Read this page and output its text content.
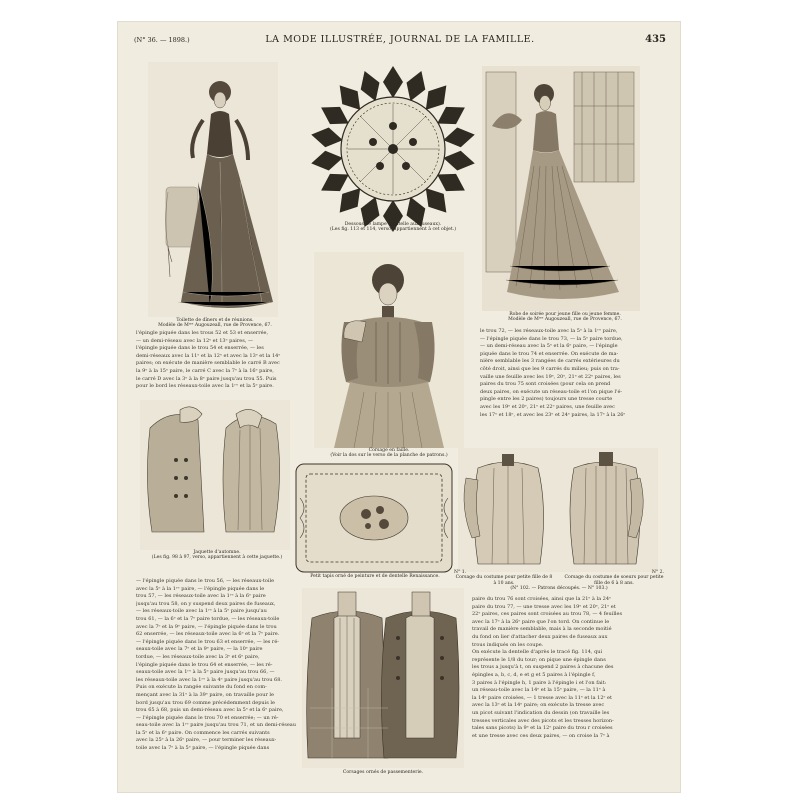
(N° 36. — 1898.)	LA MODE ILLUSTRÉE, JOURNAL DE LA FAMILLE.	435
Toilette de dîners et de réunions.
Modèle de Mᵐᵉ Augouzeall, rue de Provence, 67.
Dessous de lampe (dentelle aux fuseaux).
(Les fig. 113 et 114, verso, appartiennent à cet objet.)
Robe de soirée pour jeune fille ou jeune femme.
Modèle de Mᵐᵉ Augouzeall, rue de Provence, 67.
l'épingle piquée dans les trous 52 et 53 et enserrée,
— un demi-réseau avec la 12ᵉ et 13ᵉ paires, —
l'épingle piquée dans le trou 54 et enserrée, — les
demi-réseaux avec la 11ᵉ et la 12ᵉ et avec la 13ᵉ et la 14ᵉ
paires; on exécute de manière semblable le carré B avec
la 9ᵉ à la 15ᵉ paire, le carré C avec la 7ᵉ à la 16ᵉ paire,
le carré D avec la 3ᵉ à la 8ᵉ paire jusqu'au trou 55. Puis
pour le bord les réseaux-toile avec la 1ʳᵉ et la 5ᵉ paire.
Corsage en faille.
(Voir la dos sur le verso de la planche de patrons.)
le trou 72, — les réseaux-toile avec la 5ᵉ à la 1ʳᵉ paire,
— l'épingle piquée dans le trou 73, — la 5ᵉ paire tordue,
— un demi-réseau avec la 5ᵉ et la 6ᵉ paire, — l'épingle
piquée dans le trou 74 et enserrée. On exécute de ma-
nière semblable les 3 rangées de carrés extérieures du
côté droit, ainsi que les 9 carrés du milieu; puis on tra-
vaille une feuille avec les 19ᵉ, 20ᵉ, 21ᵉ et 22ᵉ paires, les
paires du trou 75 sont croisées (pour cela on prend
deux paires, on exécute un réseau-toile et l'on pique l'é-
pingle entre les 2 paires) toujours une tresse courte
avec les 19ᵉ et 20ᵉ, 21ᵉ et 22ᵉ paires, une feuille avec
les 17ᵉ et 18ᵉ, et avec les 23ᵉ et 24ᵉ paires, la 17ᵉ à la 26ᵉ
Jaquette d'automne.
(Les fig. 98 à 97, verso, appartiennent à cette jaquette.)
Petit tapis orné de peinture et de dentelle Renaissance.
N° 1.	N° 2.
Corsage du costume pour petite fille de 8 à 10 ans.
Corsage du costume de soeurs pour petite fille de 6 à 8 ans.
(N° 102. — Patrons découpés. — N° 103.)
— l'épingle piquée dans le trou 56, — les réseaux-toile
avec la 5ᵉ à la 1ʳᵉ paire, — l'épingle piquée dans le
trou 57, — les réseaux-toile avec la 1ʳᵉ à la 6ᵉ paire
jusqu'au trou 58, on y suspend deux paires de fuseaux,
— les réseaux-toile avec la 1ʳᵉ à la 5ᵉ paire jusqu'au
trou 61, — la 6ᵉ et la 7ᵉ paire tordue, — les réseaux-toile
avec la 7ᵉ et la 9ᵉ paire, — l'épingle piquée dans le trou
62 enserrée, — les réseaux-toile avec la 6ᵉ et la 7ᵉ paire.
— l'épingle piquée dans le trou 63 et enserrée, — les ré-
seaux-toile avec la 7ᵉ et la 9ᵉ paire, — la 10ᵉ paire
tordue, — les réseaux-toile avec la 3ᵉ et 6ᵉ paire,
l'épingle piquée dans le trou 64 et enserrée, — les ré-
seaux-toile avec la 1ʳᵉ à la 5ᵉ paire jusqu'au trou 66, —
les réseaux-toile avec la 1ʳᵉ à la 4ᵉ paire jusqu'au trou 68.
Puis on exécute la rangée suivante du fond en com-
mençant avec la 31ᵉ à la 39ᵉ paire, on travaille pour le
bord jusqu'au trou 69 comme précédemment depuis le
trou 65 à 68, puis un demi-réseau avec la 5ᵉ et la 6ᵉ paire,
— l'épingle piquée dans le trou 70 et enserrée; — un ré-
seau-toile avec la 1ʳᵉ paire jusqu'au trou 71, et un demi-réseau
la 5ᵉ et la 6ᵉ paire. On commence les carrés suivants
avec la 25ᵉ à la 26ᵉ paire, — pour terminer les réseaux-
toile avec la 7ᵉ à la 5ᵉ paire, — l'épingle piquée dans
Corsages ornés de passementerie.
paire du trou 76 sont croisées, ainsi que la 21ᵉ à la 24ᵉ
paire du trou 77, — une tresse avec les 19ᵉ et 20ᵉ, 21ᵉ et
22ᵉ paires, ces paires sont croisées au trou 78, — 4 feuilles
avec la 17ᵉ à la 26ᵉ paire que l'on tord. On continue le
travail de manière semblable, mais à la seconde moitié
du fond on lier d'attacher deux paires de fuseaux aux
trous indiqués on les coupe.
On exécute la dentelle d'après le tracé fig. 114, qui
représente le 1/8 du tour; on pique une épingle dans
les trous a jusqu'à t, on suspend 2 paires à chacune des
épingles a, b, c, d, e et g et 5 paires à l'épingle f,
3 paires à l'épingle h, 1 paire à l'épingle i et l'on fait:
un réseau-toile avec la 14ᵉ et la 15ᵉ paire, — la 11ᵉ à
la 14ᵉ paire croisées, — 1 tresse avec la 11ᵉ et la 12ᵉ et
avec la 13ᵉ et la 14ᵉ paire; on exécute la tresse avec
un picot suivant l'indication du dessin (on travaille les
tresses verticales avec des picots et les tresses horizon-
tales sans picots) la 9ᵉ et la 12ᵉ paire du trou r croisées
et une tresse avec ces deux paires, — on croise la 7ᵉ à
